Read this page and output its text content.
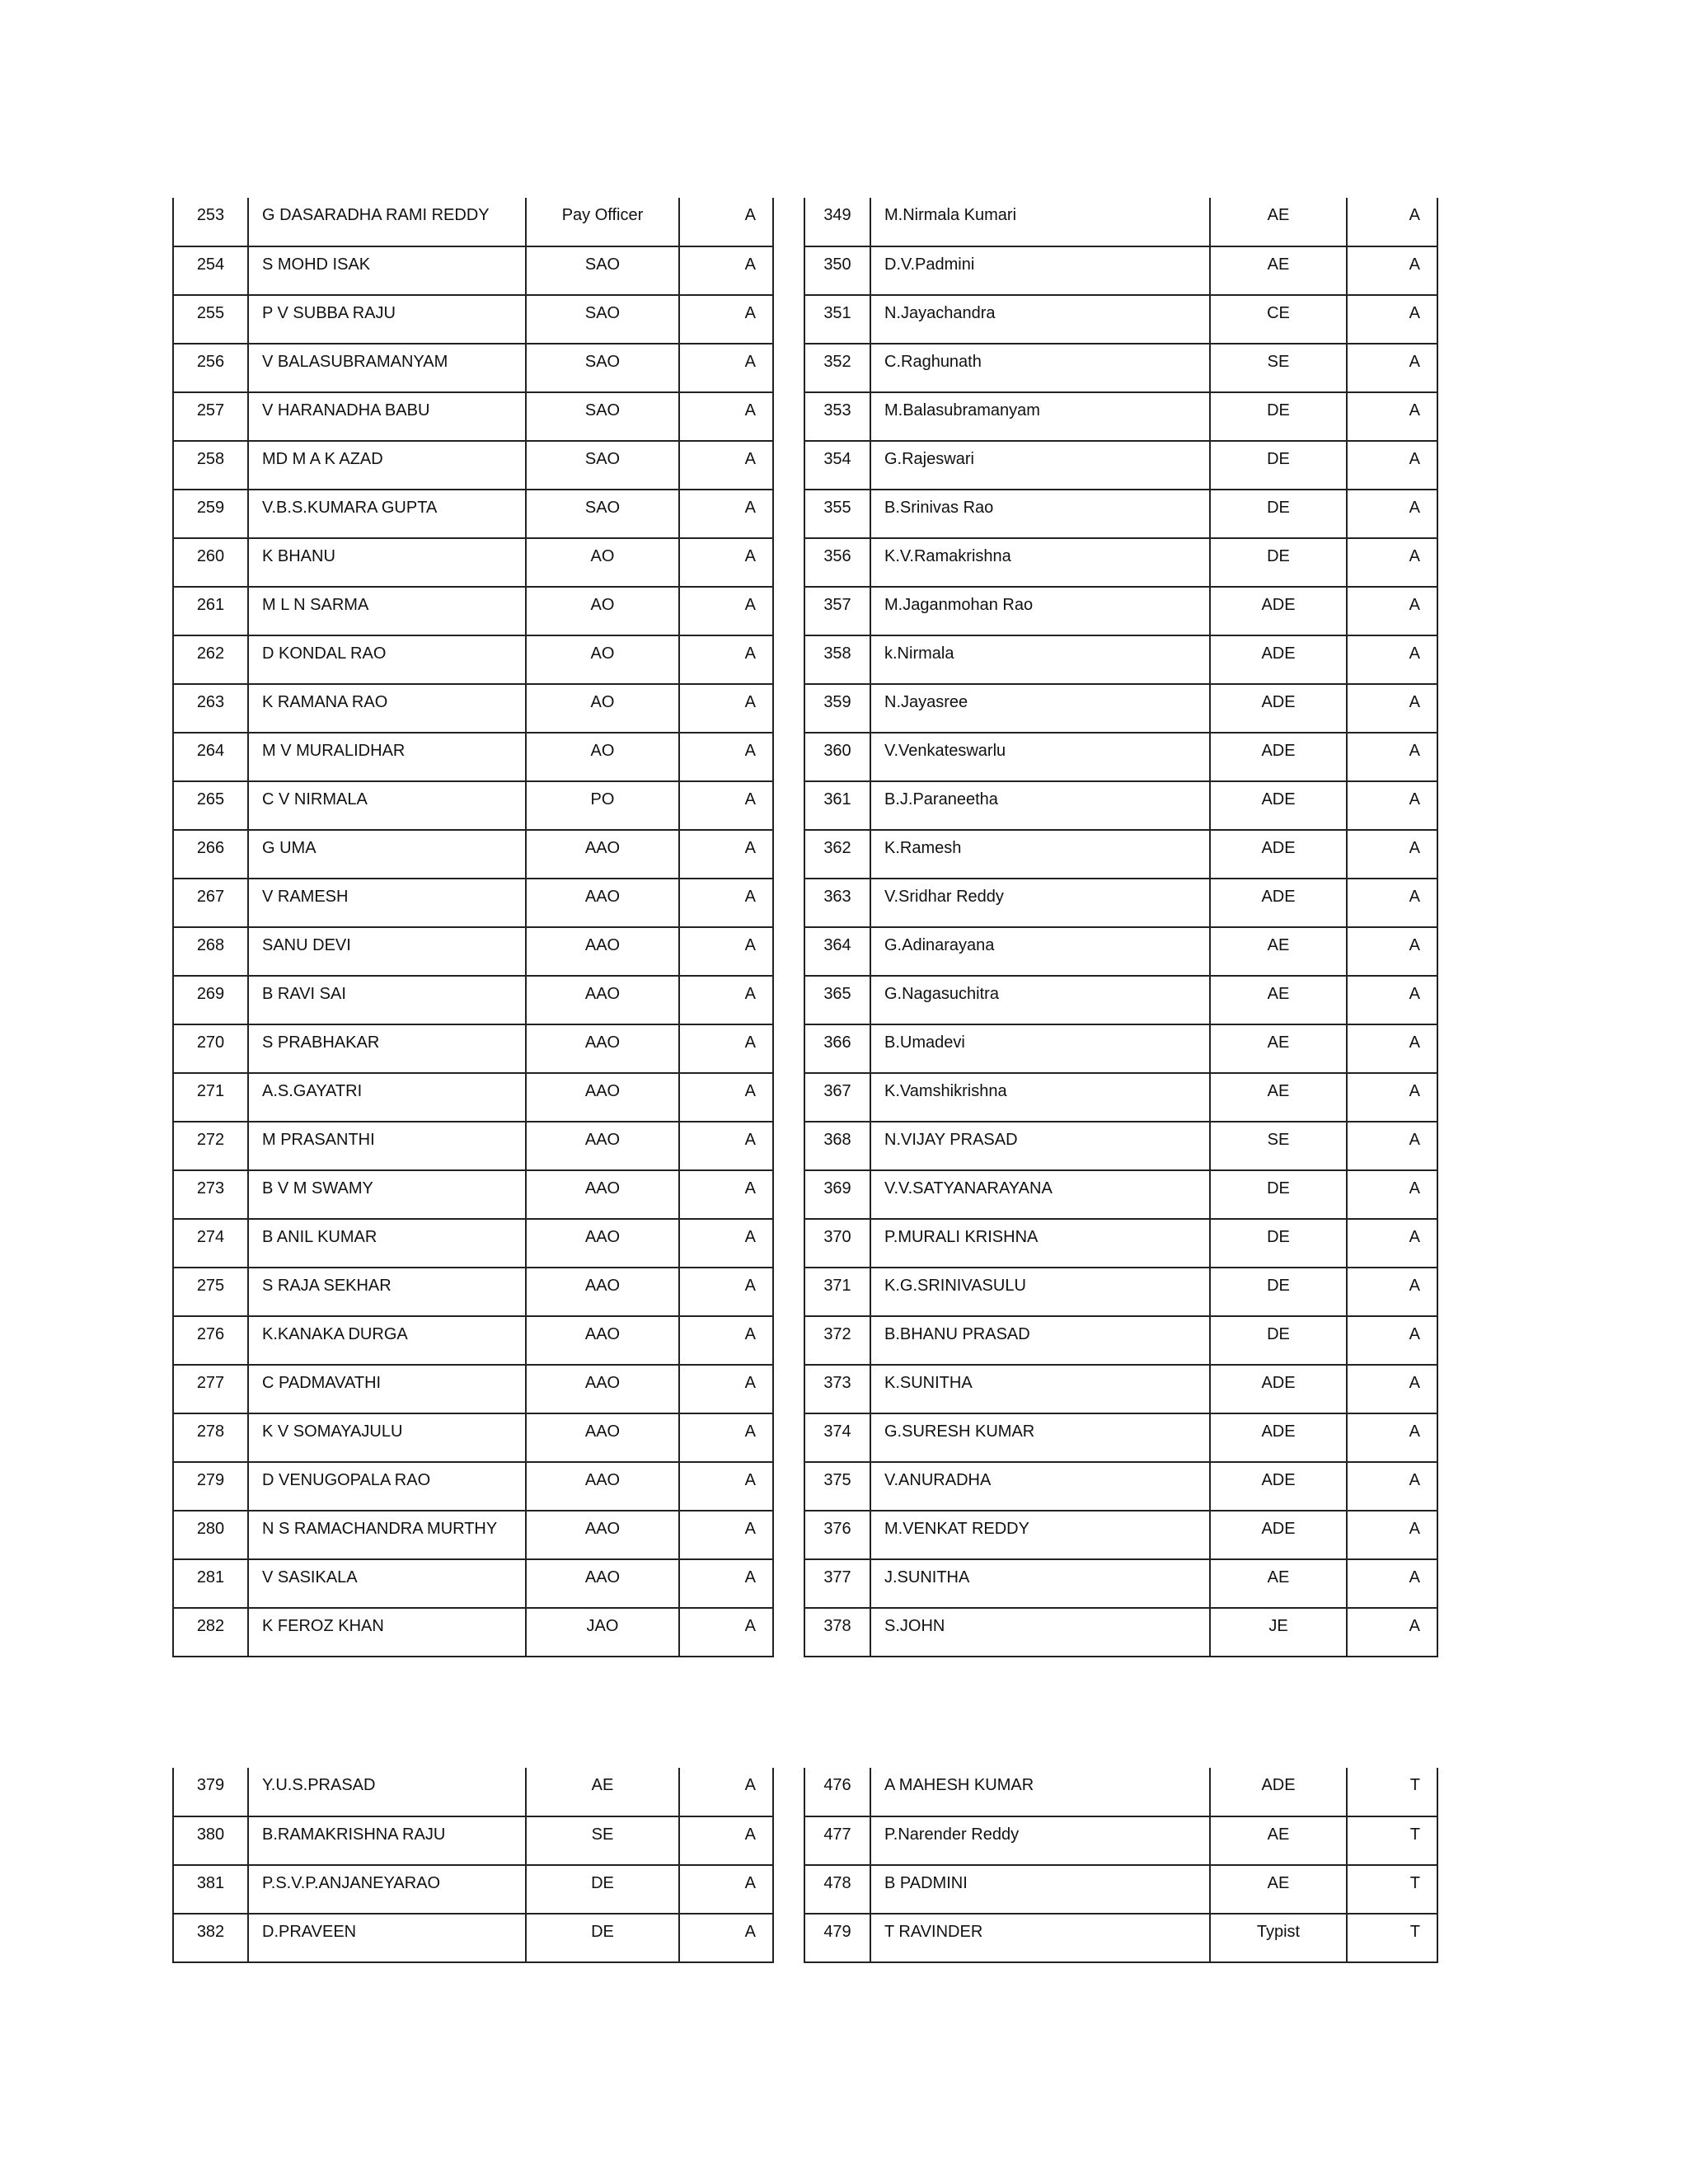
253	G DASARADHA RAMI REDDY	Pay Officer	A

254	S MOHD ISAK	SAO	A

255	P V SUBBA RAJU	SAO	A

256	V BALASUBRAMANYAM	SAO	A

257	V HARANADHA BABU	SAO	A

258	MD M A K AZAD	SAO	A

259	V.B.S.KUMARA GUPTA	SAO	A

260	K BHANU	AO	A

261	M L N SARMA	AO	A

262	D KONDAL RAO	AO	A

263	K RAMANA RAO	AO	A

264	M V MURALIDHAR	AO	A

265	C V NIRMALA	PO	A

266	G UMA	AAO	A

267	V RAMESH	AAO	A

268	SANU DEVI	AAO	A

269	B RAVI SAI	AAO	A

270	S PRABHAKAR	AAO	A

271	A.S.GAYATRI	AAO	A

272	M PRASANTHI	AAO	A

273	B V M SWAMY	AAO	A

274	B ANIL KUMAR	AAO	A

275	S RAJA SEKHAR	AAO	A

276	K.KANAKA DURGA	AAO	A

277	C PADMAVATHI	AAO	A

278	K V SOMAYAJULU	AAO	A

279	D VENUGOPALA RAO	AAO	A

280	N S RAMACHANDRA MURTHY	AAO	A

281	V SASIKALA	AAO	A

282	K FEROZ KHAN	JAO	A
349	M.Nirmala Kumari	AE	A

350	D.V.Padmini	AE	A

351	N.Jayachandra	CE	A

352	C.Raghunath	SE	A

353	M.Balasubramanyam	DE	A

354	G.Rajeswari	DE	A

355	B.Srinivas Rao	DE	A

356	K.V.Ramakrishna	DE	A

357	M.Jaganmohan Rao	ADE	A

358	k.Nirmala	ADE	A

359	N.Jayasree	ADE	A

360	V.Venkateswarlu	ADE	A

361	B.J.Paraneetha	ADE	A

362	K.Ramesh	ADE	A

363	V.Sridhar Reddy	ADE	A

364	G.Adinarayana	AE	A

365	G.Nagasuchitra	AE	A

366	B.Umadevi	AE	A

367	K.Vamshikrishna	AE	A

368	N.VIJAY PRASAD	SE	A

369	V.V.SATYANARAYANA	DE	A

370	P.MURALI KRISHNA	DE	A

371	K.G.SRINIVASULU	DE	A

372	B.BHANU PRASAD	DE	A

373	K.SUNITHA	ADE	A

374	G.SURESH KUMAR	ADE	A

375	V.ANURADHA	ADE	A

376	M.VENKAT REDDY	ADE	A

377	J.SUNITHA	AE	A

378	S.JOHN	JE	A
379	Y.U.S.PRASAD	AE	A

380	B.RAMAKRISHNA RAJU	SE	A

381	P.S.V.P.ANJANEYARAO	DE	A

382	D.PRAVEEN	DE	A
476	A MAHESH KUMAR	ADE	T

477	P.Narender Reddy	AE	T

478	B PADMINI	AE	T

479	T RAVINDER	Typist	T
